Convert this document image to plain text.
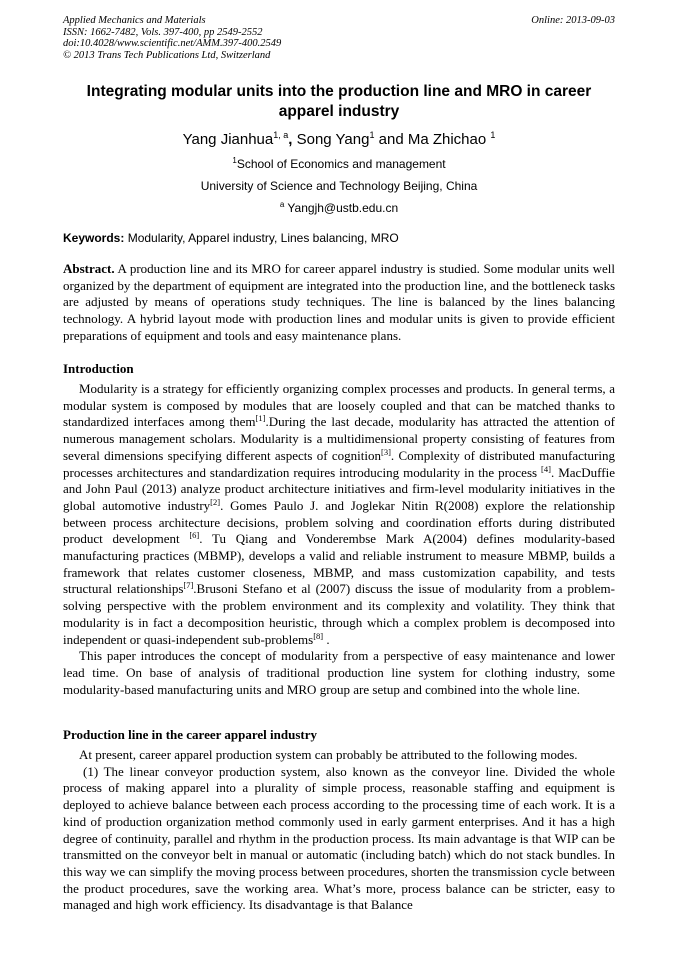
Applied Mechanics and Materials
ISSN: 1662-7482, Vols. 397-400, pp 2549-2552
doi:10.4028/www.scientific.net/AMM.397-400.2549
© 2013 Trans Tech Publications Ltd, Switzerland
Online: 2013-09-03
Integrating modular units into the production line and MRO in career apparel industry
Yang Jianhua$^{1, a}$, Song Yang$^1$ and Ma Zhichao $^1$
$^1$School of Economics and management
University of Science and Technology Beijing, China
$^a$ Yangjh@ustb.edu.cn
Keywords: Modularity, Apparel industry, Lines balancing, MRO

Abstract. A production line and its MRO for career apparel industry is studied. Some modular units well organized by the department of equipment are integrated into the production line, and the bottleneck tasks are adjusted by means of operations study techniques. The line is balanced by the lines balancing technology. A hybrid layout mode with production lines and modular units is given to provide efficient preparations of equipment and tools and easy maintenance plans.

Introduction

Modularity is a strategy for efficiently organizing complex processes and products. In general terms, a modular system is composed by modules that are loosely coupled and that can be matched thanks to standardized interfaces among them[1].During the last decade, modularity has attracted the attention of numerous management scholars. Modularity is a multidimensional property consisting of features from several dimensions specifying different aspects of cognition[3]. Complexity of distributed manufacturing processes architectures and standardization requires introducing modularity in the process [4]. MacDuffie and John Paul (2013) analyze product architecture initiatives and firm-level modularity initiatives in the global automotive industry[2]. Gomes Paulo J. and Joglekar Nitin R(2008) explore the relationship between process architecture decisions, problem solving and coordination efforts during distributed product development [6]. Tu Qiang and Vonderembse Mark A(2004) defines modularity-based manufacturing practices (MBMP), develops a valid and reliable instrument to measure MBMP, builds a framework that relates customer closeness, MBMP, and mass customization capability, and tests structural relationships[7].Brusoni Stefano et al (2007) discuss the issue of modularity from a problem-solving perspective with the problem environment and its complexity and volatility. They think that modularity is in fact a decomposition heuristic, through which a complex problem is decomposed into independent or quasi-independent sub-problems[8] .

This paper introduces the concept of modularity from a perspective of easy maintenance and lower lead time. On base of analysis of traditional production line system for clothing industry, some modularity-based manufacturing units and MRO group are setup and combined into the whole line.

Production line in the career apparel industry

At present, career apparel production system can probably be attributed to the following modes.

(1) The linear conveyor production system, also known as the conveyor line. Divided the whole process of making apparel into a plurality of simple process, reasonable staffing and equipment is deployed to achieve balance between each process according to the processing time of each work. It is a kind of production organization method commonly used in early garment enterprises. And it has a high degree of continuity, parallel and rhythm in the production process. Its main advantage is that WIP can be transmitted on the conveyor belt in manual or automatic (including batch) which do not stack bundles. In this way we can simplify the moving process between procedures, shorten the transmission cycle between the product procedures, save the working area. What’s more, process balance can be stricter, easy to managed and high work efficiency. Its disadvantage is that Balance
